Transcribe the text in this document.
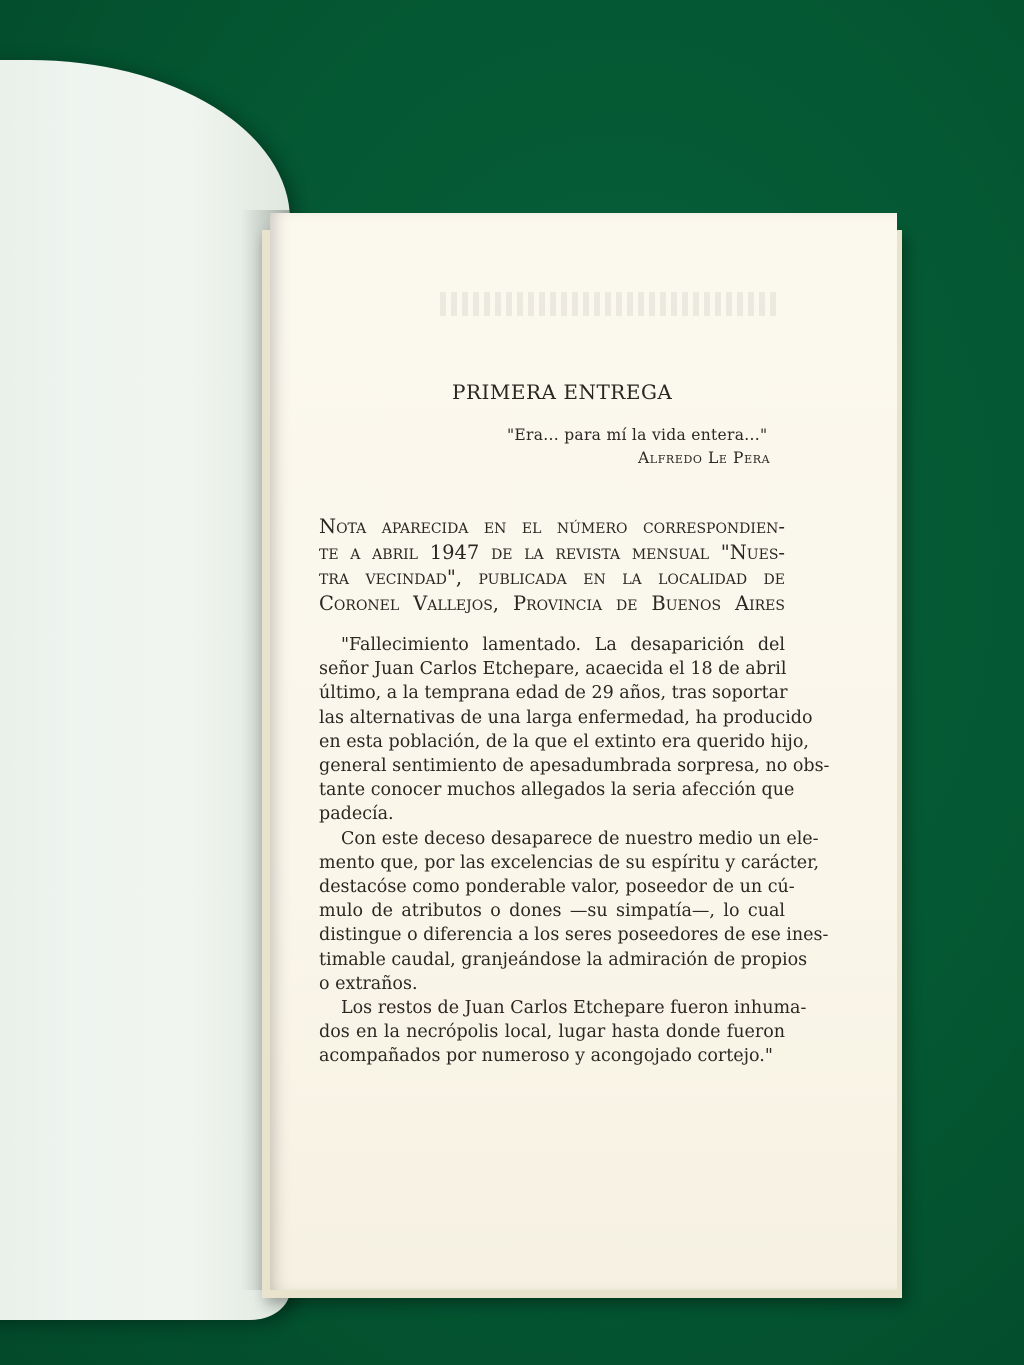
PRIMERA ENTREGA
"Era... para mí la vida entera..."
Alfredo Le Pera
Nota aparecida en el número correspondien-
te a abril 1947 de la revista mensual "Nues-
tra vecindad", publicada en la localidad de
Coronel Vallejos, Provincia de Buenos Aires
"Fallecimiento lamentado. La desaparición del
señor Juan Carlos Etchepare, acaecida el 18 de abril
último, a la temprana edad de 29 años, tras soportar
las alternativas de una larga enfermedad, ha producido
en esta población, de la que el extinto era querido hijo,
general sentimiento de apesadumbrada sorpresa, no obs-
tante conocer muchos allegados la seria afección que
padecía.
Con este deceso desaparece de nuestro medio un ele-
mento que, por las excelencias de su espíritu y carácter,
destacóse como ponderable valor, poseedor de un cú-
mulo de atributos o dones —su simpatía—, lo cual
distingue o diferencia a los seres poseedores de ese ines-
timable caudal, granjeándose la admiración de propios
o extraños.
Los restos de Juan Carlos Etchepare fueron inhuma-
dos en la necrópolis local, lugar hasta donde fueron
acompañados por numeroso y acongojado cortejo."
